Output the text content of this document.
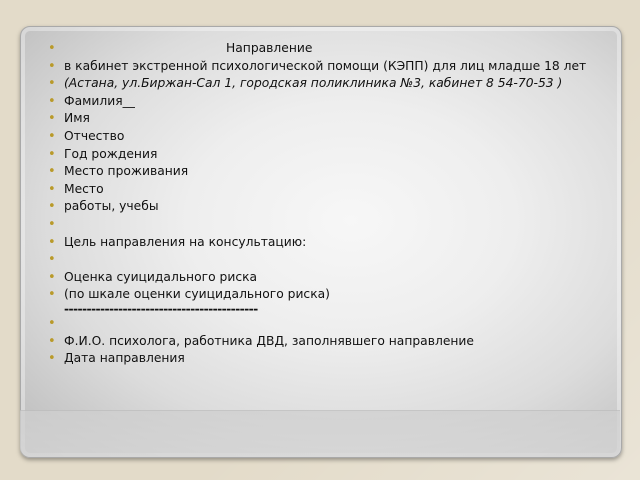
• Направление
• в кабинет экстренной психологической помощи (КЭПП) для лиц младше 18 лет
• (Астана, ул.Биржан-Сал 1, городская поликлиника №3, кабинет 8 54-70-53 )
• Фамилия__
• Имя
• Отчество
• Год рождения
• Место проживания
• Место
• работы, учебы
•
• Цель направления на консультацию:
•
• Оценка суицидального риска
• (по шкале оценки суицидального риска)
-------------------------------------------
•
• Ф.И.О. психолога, работника ДВД, заполнявшего направление
• Дата направления
